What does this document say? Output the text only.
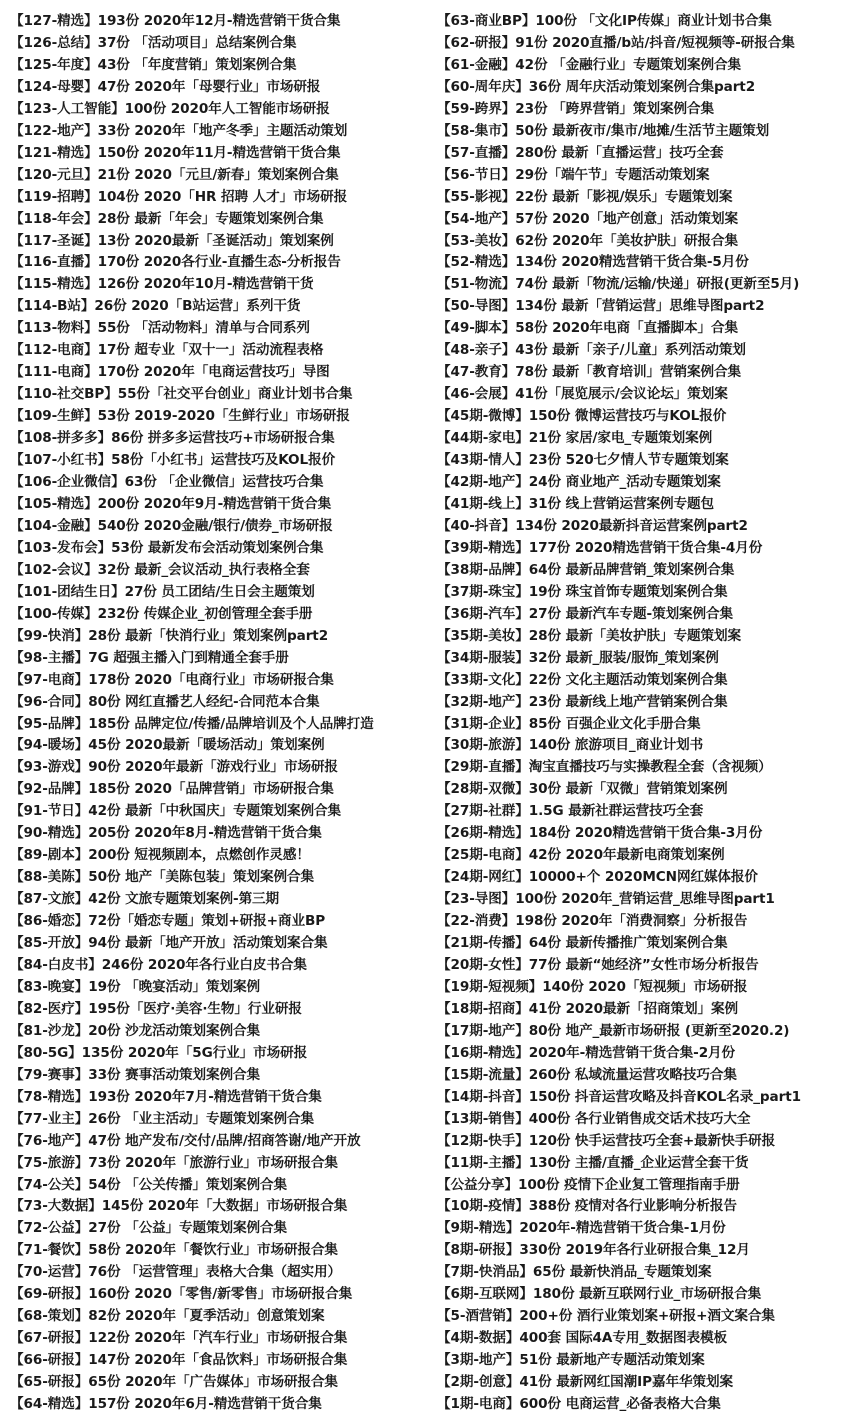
【127-精选】193份 2020年12月-精选营销干货合集
【126-总结】37份 「活动项目」总结案例合集
【125-年度】43份 「年度营销」策划案例合集
【124-母婴】47份 2020年「母婴行业」市场研报
【123-人工智能】100份 2020年人工智能市场研报
【122-地产】33份 2020年「地产冬季」主题活动策划
【121-精选】150份 2020年11月-精选营销干货合集
【120-元旦】21份 2020「元旦/新春」策划案例合集
【119-招聘】104份 2020「HR 招聘 人才」市场研报
【118-年会】28份 最新「年会」专题策划案例合集
【117-圣诞】13份 2020最新「圣诞活动」策划案例
【116-直播】170份 2020各行业-直播生态-分析报告
【115-精选】126份 2020年10月-精选营销干货
【114-B站】26份 2020「B站运营」系列干货
【113-物料】55份 「活动物料」清单与合同系列
【112-电商】17份 超专业「双十一」活动流程表格
【111-电商】170份 2020年「电商运营技巧」导图
【110-社交BP】55份「社交平台创业」商业计划书合集
【109-生鲜】53份 2019-2020「生鲜行业」市场研报
【108-拼多多】86份 拼多多运营技巧+市场研报合集
【107-小红书】58份「小红书」运营技巧及KOL报价
【106-企业微信】63份 「企业微信」运营技巧合集
【105-精选】200份 2020年9月-精选营销干货合集
【104-金融】540份 2020金融/银行/债券_市场研报
【103-发布会】53份 最新发布会活动策划案例合集
【102-会议】32份 最新_会议活动_执行表格全套
【101-团结生日】27份 员工团结/生日会主题策划
【100-传媒】232份 传媒企业_初创管理全套手册
【99-快消】28份 最新「快消行业」策划案例part2
【98-主播】7G 超强主播入门到精通全套手册
【97-电商】178份 2020「电商行业」市场研报合集
【96-合同】80份 网红直播艺人经纪-合同范本合集
【95-品牌】185份 品牌定位/传播/品牌培训及个人品牌打造
【94-暖场】45份 2020最新「暖场活动」策划案例
【93-游戏】90份 2020年最新「游戏行业」市场研报
【92-品牌】185份 2020「品牌营销」市场研报合集
【91-节日】42份 最新「中秋国庆」专题策划案例合集
【90-精选】205份 2020年8月-精选营销干货合集
【89-剧本】200份 短视频剧本，点燃创作灵感！
【88-美陈】50份 地产「美陈包装」策划案例合集
【87-文旅】42份 文旅专题策划案例-第三期
【86-婚恋】72份「婚恋专题」策划+研报+商业BP
【85-开放】94份 最新「地产开放」活动策划案合集
【84-白皮书】246份 2020年各行业白皮书合集
【83-晚宴】19份 「晚宴活动」策划案例
【82-医疗】195份「医疗·美容·生物」行业研报
【81-沙龙】20份 沙龙活动策划案例合集
【80-5G】135份 2020年「5G行业」市场研报
【79-赛事】33份 赛事活动策划案例合集
【78-精选】193份 2020年7月-精选营销干货合集
【77-业主】26份 「业主活动」专题策划案例合集
【76-地产】47份 地产发布/交付/品牌/招商答谢/地产开放
【75-旅游】73份 2020年「旅游行业」市场研报合集
【74-公关】54份 「公关传播」策划案例合集
【73-大数据】145份 2020年「大数据」市场研报合集
【72-公益】27份 「公益」专题策划案例合集
【71-餐饮】58份 2020年「餐饮行业」市场研报合集
【70-运营】76份 「运营管理」表格大合集（超实用）
【69-研报】160份 2020「零售/新零售」市场研报合集
【68-策划】82份 2020年「夏季活动」创意策划案
【67-研报】122份 2020年「汽车行业」市场研报合集
【66-研报】147份 2020年「食品饮料」市场研报合集
【65-研报】65份 2020年「广告媒体」市场研报合集
【64-精选】157份 2020年6月-精选营销干货合集
【63-商业BP】100份 「文化IP传媒」商业计划书合集
【62-研报】91份 2020直播/b站/抖音/短视频等-研报合集
【61-金融】42份 「金融行业」专题策划案例合集
【60-周年庆】36份 周年庆活动策划案例合集part2
【59-跨界】23份 「跨界营销」策划案例合集
【58-集市】50份 最新夜市/集市/地摊/生活节主题策划
【57-直播】280份 最新「直播运营」技巧全套
【56-节日】29份「端午节」专题活动策划案
【55-影视】22份 最新「影视/娱乐」专题策划案
【54-地产】57份 2020「地产创意」活动策划案
【53-美妆】62份 2020年「美妆护肤」研报合集
【52-精选】134份 2020精选营销干货合集-5月份
【51-物流】74份 最新「物流/运输/快递」研报(更新至5月)
【50-导图】134份 最新「营销运营」思维导图part2
【49-脚本】58份 2020年电商「直播脚本」合集
【48-亲子】43份 最新「亲子/儿童」系列活动策划
【47-教育】78份 最新「教育培训」营销案例合集
【46-会展】41份「展览展示/会议论坛」策划案
【45期-微博】150份 微博运营技巧与KOL报价
【44期-家电】21份 家居/家电_专题策划案例
【43期-情人】23份 520七夕情人节专题策划案
【42期-地产】24份 商业地产_活动专题策划案
【41期-线上】31份 线上营销运营案例专题包
【40-抖音】134份 2020最新抖音运营案例part2
【39期-精选】177份 2020精选营销干货合集-4月份
【38期-品牌】64份 最新品牌营销_策划案例合集
【37期-珠宝】19份 珠宝首饰专题策划案例合集
【36期-汽车】27份 最新汽车专题-策划案例合集
【35期-美妆】28份 最新「美妆护肤」专题策划案
【34期-服装】32份 最新_服装/服饰_策划案例
【33期-文化】22份 文化主题活动策划案例合集
【32期-地产】23份 最新线上地产营销案例合集
【31期-企业】85份 百强企业文化手册合集
【30期-旅游】140份 旅游项目_商业计划书
【29期-直播】淘宝直播技巧与实操教程全套（含视频）
【28期-双微】30份 最新「双微」营销策划案例
【27期-社群】1.5G 最新社群运营技巧全套
【26期-精选】184份 2020精选营销干货合集-3月份
【25期-电商】42份 2020年最新电商策划案例
【24期-网红】10000+个 2020MCN网红媒体报价
【23-导图】100份 2020年_营销运营_思维导图part1
【22-消费】198份 2020年「消费洞察」分析报告
【21期-传播】64份 最新传播推广策划案例合集
【20期-女性】77份 最新“她经济”女性市场分析报告
【19期-短视频】140份 2020「短视频」市场研报
【18期-招商】41份 2020最新「招商策划」案例
【17期-地产】80份 地产_最新市场研报 (更新至2020.2)
【16期-精选】2020年-精选营销干货合集-2月份
【15期-流量】260份 私域流量运营攻略技巧合集
【14期-抖音】150份 抖音运营攻略及抖音KOL名录_part1
【13期-销售】400份 各行业销售成交话术技巧大全
【12期-快手】120份 快手运营技巧全套+最新快手研报
【11期-主播】130份 主播/直播_企业运营全套干货
【公益分享】100份 疫情下企业复工管理指南手册
【10期-疫情】388份 疫情对各行业影响分析报告
【9期-精选】2020年-精选营销干货合集-1月份
【8期-研报】330份 2019年各行业研报合集_12月
【7期-快消品】65份 最新快消品_专题策划案
【6期-互联网】180份 最新互联网行业_市场研报合集
【5-酒营销】200+份 酒行业策划案+研报+酒文案合集
【4期-数据】400套 国际4A专用_数据图表模板
【3期-地产】51份 最新地产专题活动策划案
【2期-创意】41份 最新网红国潮IP嘉年华策划案
【1期-电商】600份 电商运营_必备表格大合集
